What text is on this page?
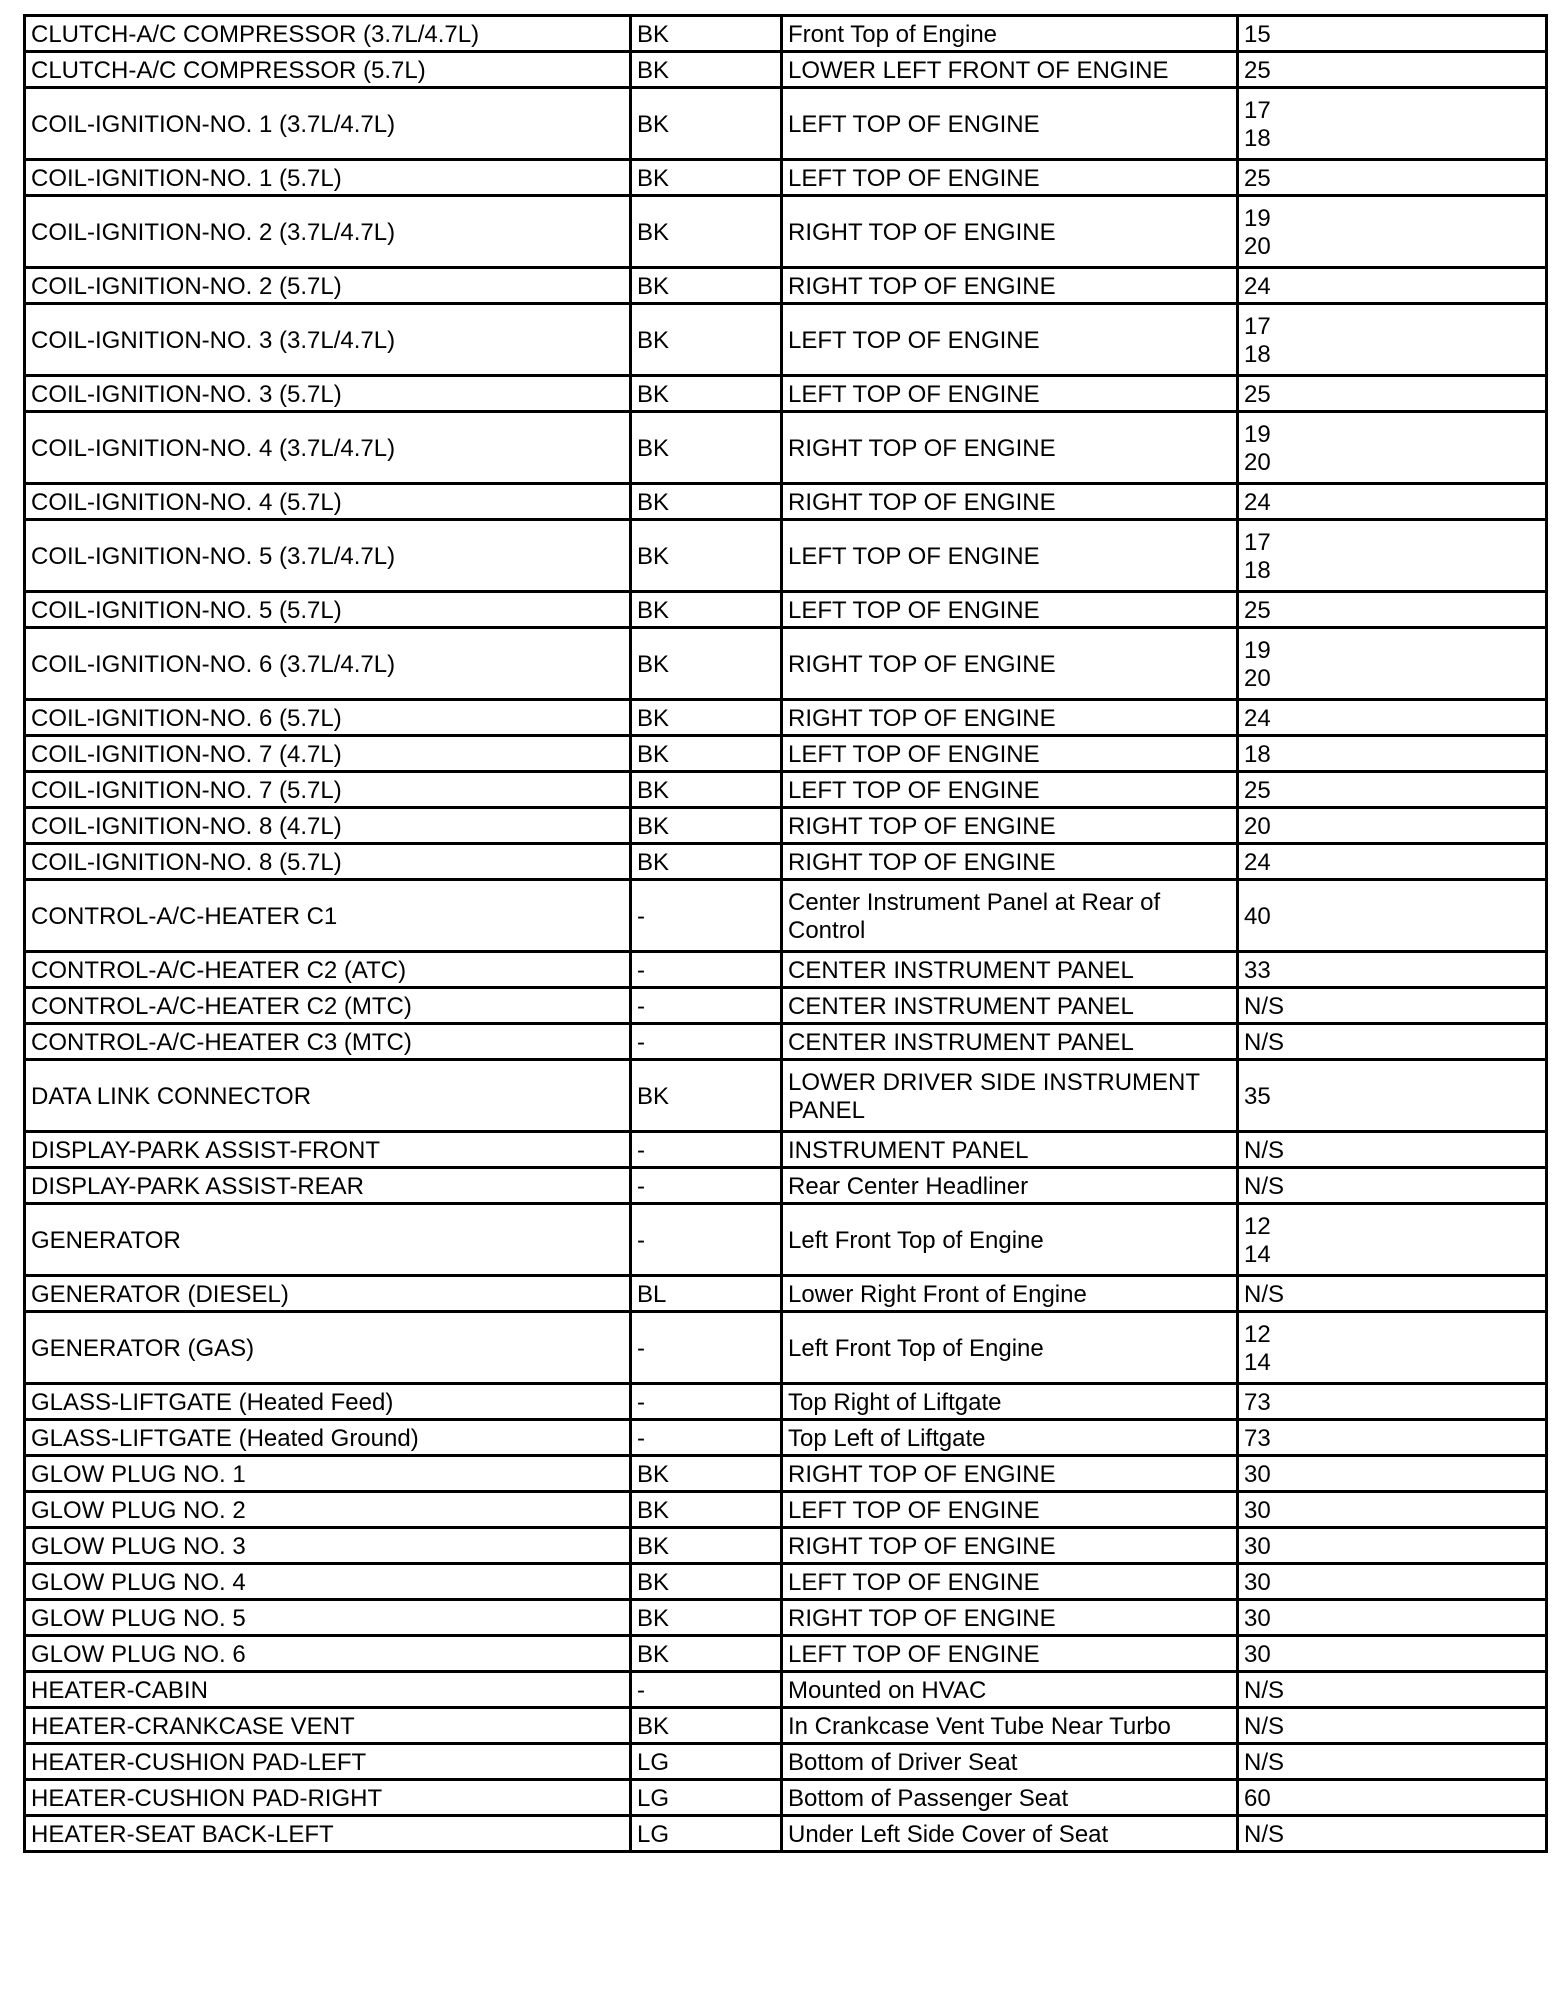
CLUTCH-A/C COMPRESSOR (3.7L/4.7L)	BK	Front Top of Engine	15
CLUTCH-A/C COMPRESSOR (5.7L)	BK	LOWER LEFT FRONT OF ENGINE	25
COIL-IGNITION-NO. 1 (3.7L/4.7L)	BK	LEFT TOP OF ENGINE	17
18
COIL-IGNITION-NO. 1 (5.7L)	BK	LEFT TOP OF ENGINE	25
COIL-IGNITION-NO. 2 (3.7L/4.7L)	BK	RIGHT TOP OF ENGINE	19
20
COIL-IGNITION-NO. 2 (5.7L)	BK	RIGHT TOP OF ENGINE	24
COIL-IGNITION-NO. 3 (3.7L/4.7L)	BK	LEFT TOP OF ENGINE	17
18
COIL-IGNITION-NO. 3 (5.7L)	BK	LEFT TOP OF ENGINE	25
COIL-IGNITION-NO. 4 (3.7L/4.7L)	BK	RIGHT TOP OF ENGINE	19
20
COIL-IGNITION-NO. 4 (5.7L)	BK	RIGHT TOP OF ENGINE	24
COIL-IGNITION-NO. 5 (3.7L/4.7L)	BK	LEFT TOP OF ENGINE	17
18
COIL-IGNITION-NO. 5 (5.7L)	BK	LEFT TOP OF ENGINE	25
COIL-IGNITION-NO. 6 (3.7L/4.7L)	BK	RIGHT TOP OF ENGINE	19
20
COIL-IGNITION-NO. 6 (5.7L)	BK	RIGHT TOP OF ENGINE	24
COIL-IGNITION-NO. 7 (4.7L)	BK	LEFT TOP OF ENGINE	18
COIL-IGNITION-NO. 7 (5.7L)	BK	LEFT TOP OF ENGINE	25
COIL-IGNITION-NO. 8 (4.7L)	BK	RIGHT TOP OF ENGINE	20
COIL-IGNITION-NO. 8 (5.7L)	BK	RIGHT TOP OF ENGINE	24
CONTROL-A/C-HEATER C1	-	Center Instrument Panel at Rear of
Control	40
CONTROL-A/C-HEATER C2 (ATC)	-	CENTER INSTRUMENT PANEL	33
CONTROL-A/C-HEATER C2 (MTC)	-	CENTER INSTRUMENT PANEL	N/S
CONTROL-A/C-HEATER C3 (MTC)	-	CENTER INSTRUMENT PANEL	N/S
DATA LINK CONNECTOR	BK	LOWER DRIVER SIDE INSTRUMENT
PANEL	35
DISPLAY-PARK ASSIST-FRONT	-	INSTRUMENT PANEL	N/S
DISPLAY-PARK ASSIST-REAR	-	Rear Center Headliner	N/S
GENERATOR	-	Left Front Top of Engine	12
14
GENERATOR (DIESEL)	BL	Lower Right Front of Engine	N/S
GENERATOR (GAS)	-	Left Front Top of Engine	12
14
GLASS-LIFTGATE (Heated Feed)	-	Top Right of Liftgate	73
GLASS-LIFTGATE (Heated Ground)	-	Top Left of Liftgate	73
GLOW PLUG NO. 1	BK	RIGHT TOP OF ENGINE	30
GLOW PLUG NO. 2	BK	LEFT TOP OF ENGINE	30
GLOW PLUG NO. 3	BK	RIGHT TOP OF ENGINE	30
GLOW PLUG NO. 4	BK	LEFT TOP OF ENGINE	30
GLOW PLUG NO. 5	BK	RIGHT TOP OF ENGINE	30
GLOW PLUG NO. 6	BK	LEFT TOP OF ENGINE	30
HEATER-CABIN	-	Mounted on HVAC	N/S
HEATER-CRANKCASE VENT	BK	In Crankcase Vent Tube Near Turbo	N/S
HEATER-CUSHION PAD-LEFT	LG	Bottom of Driver Seat	N/S
HEATER-CUSHION PAD-RIGHT	LG	Bottom of Passenger Seat	60
HEATER-SEAT BACK-LEFT	LG	Under Left Side Cover of Seat	N/S
